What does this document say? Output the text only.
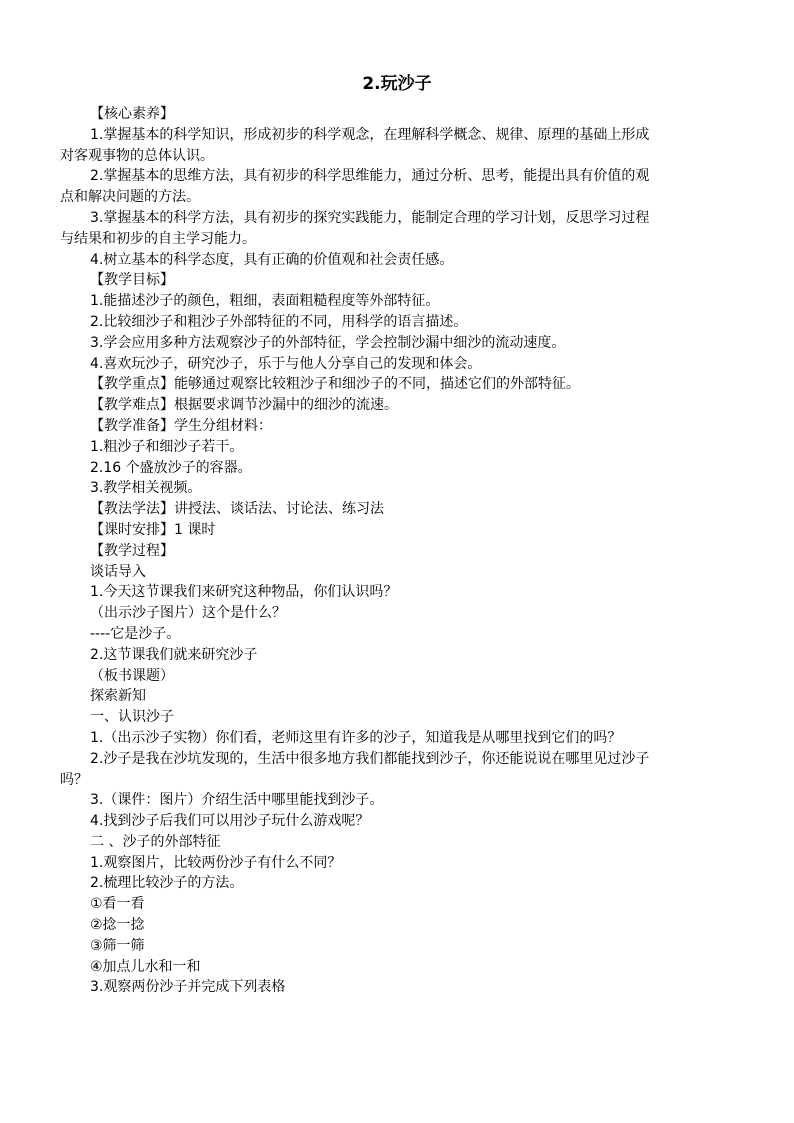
2.玩沙子

【核心素养】

1.掌握基本的科学知识，形成初步的科学观念，在理解科学概念、规律、原理的基础上形成

对客观事物的总体认识。

2.掌握基本的思维方法，具有初步的科学思维能力，通过分析、思考，能提出具有价值的观

点和解决问题的方法。

3.掌握基本的科学方法，具有初步的探究实践能力，能制定合理的学习计划，反思学习过程

与结果和初步的自主学习能力。

4.树立基本的科学态度，具有正确的价值观和社会责任感。

【教学目标】

1.能描述沙子的颜色，粗细，表面粗糙程度等外部特征。

2.比较细沙子和粗沙子外部特征的不同，用科学的语言描述。

3.学会应用多种方法观察沙子的外部特征，学会控制沙漏中细沙的流动速度。

4.喜欢玩沙子，研究沙子，乐于与他人分享自己的发现和体会。

【教学重点】能够通过观察比较粗沙子和细沙子的不同，描述它们的外部特征。

【教学难点】根据要求调节沙漏中的细沙的流速。

【教学准备】学生分组材料：

1.粗沙子和细沙子若干。

2.16 个盛放沙子的容器。

3.教学相关视频。

【教法学法】讲授法、谈话法、讨论法、练习法

【课时安排】1 课时

【教学过程】

谈话导入

1.今天这节课我们来研究这种物品，你们认识吗？

（出示沙子图片）这个是什么？

----它是沙子。

2.这节课我们就来研究沙子

（板书课题）

探索新知

一、认识沙子

1.（出示沙子实物）你们看，老师这里有许多的沙子，知道我是从哪里找到它们的吗？

2.沙子是我在沙坑发现的，生活中很多地方我们都能找到沙子，你还能说说在哪里见过沙子

吗？

3.（课件：图片）介绍生活中哪里能找到沙子。

4.找到沙子后我们可以用沙子玩什么游戏呢？

二 、沙子的外部特征

1.观察图片，比较两份沙子有什么不同？

2.梳理比较沙子的方法。

①看一看

②捻一捻

③筛一筛

④加点儿水和一和

3.观察两份沙子并完成下列表格
